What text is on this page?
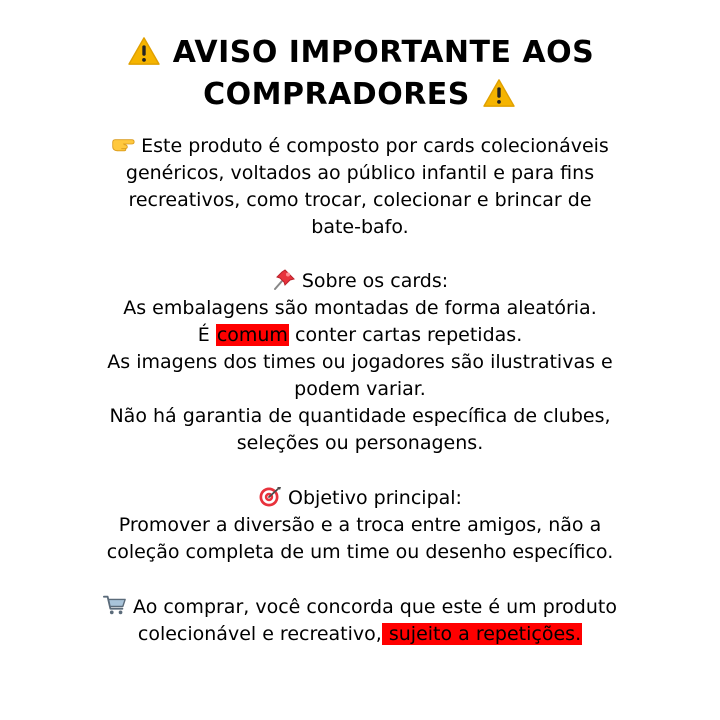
AVISO IMPORTANTE AOS
COMPRADORES
Este produto é composto por cards colecionáveis
genéricos, voltados ao público infantil e para fins
recreativos, como trocar, colecionar e brincar de
bate-bafo.
Sobre os cards:
As embalagens são montadas de forma aleatória.
É comum conter cartas repetidas.
As imagens dos times ou jogadores são ilustrativas e
podem variar.
Não há garantia de quantidade específica de clubes,
seleções ou personagens.
Objetivo principal:
Promover a diversão e a troca entre amigos, não a
coleção completa de um time ou desenho específico.
Ao comprar, você concorda que este é um produto
colecionável e recreativo, sujeito a repetições.
